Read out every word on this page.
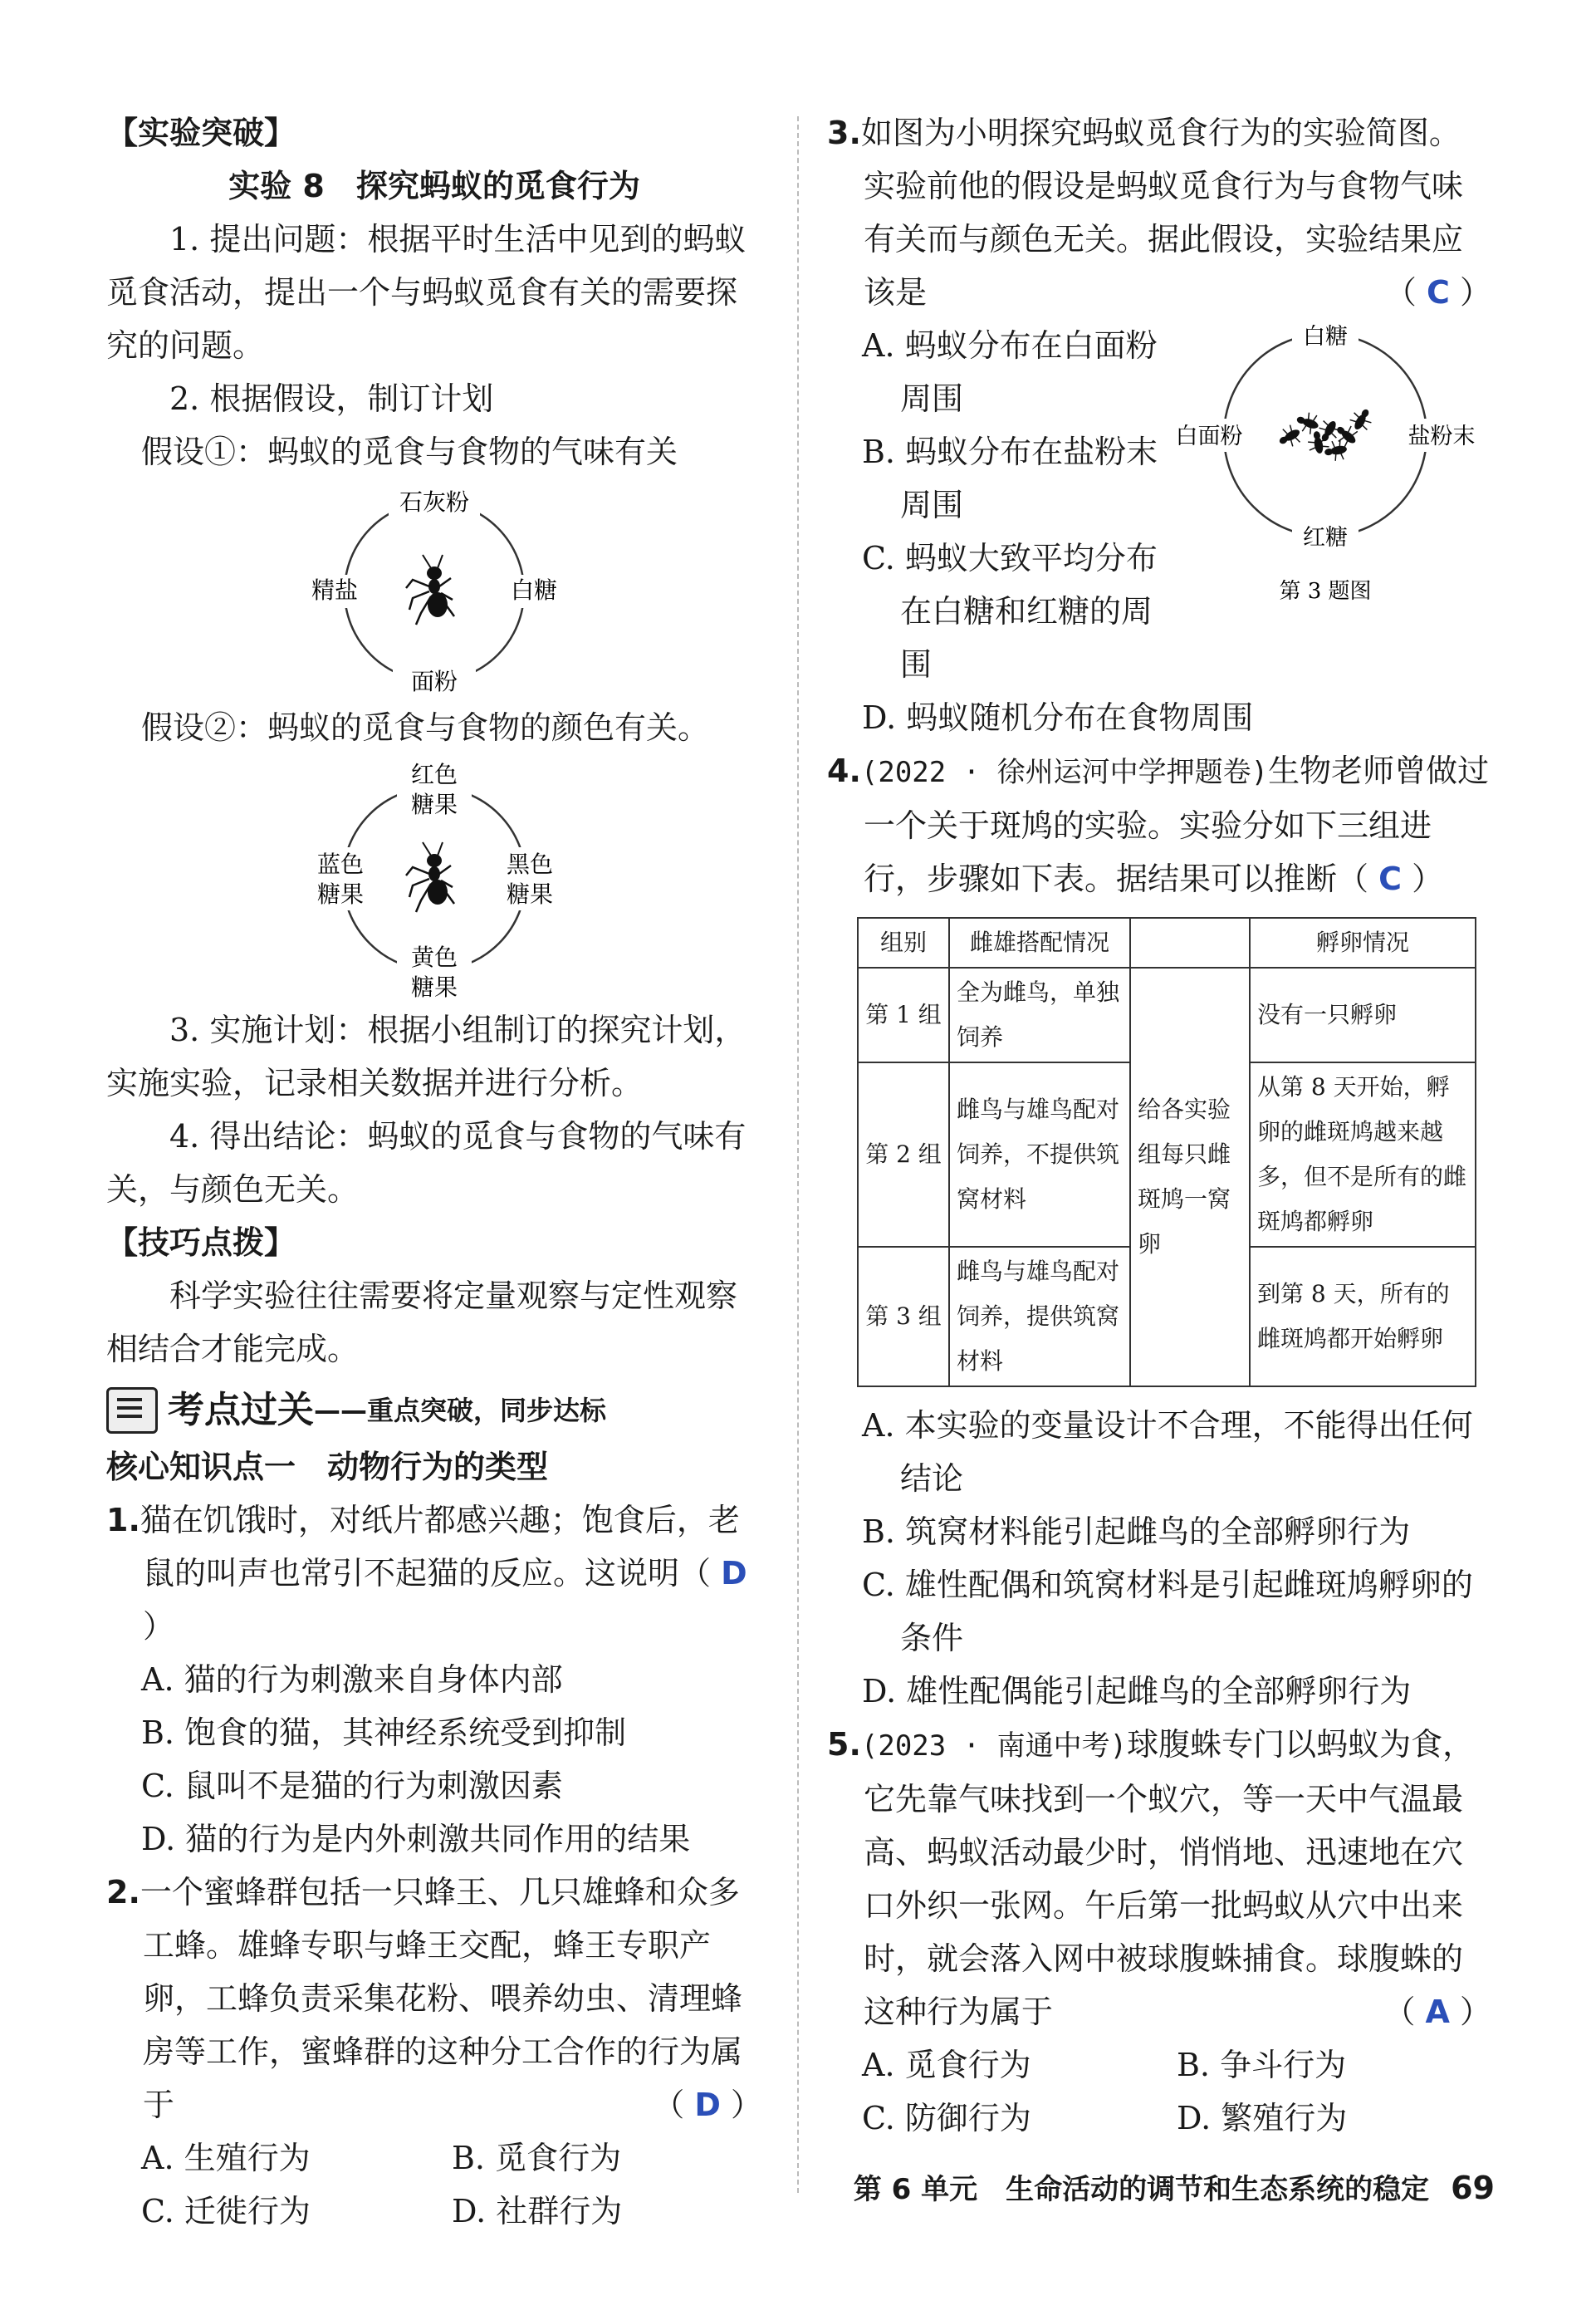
【实验突破】

实验 8　探究蚂蚁的觅食行为

1. 提出问题：根据平时生活中见到的蚂蚁觅食活动，提出一个与蚂蚁觅食有关的需要探究的问题。

2. 根据假设，制订计划

假设①：蚂蚁的觅食与食物的气味有关

石灰粉
精盐	白糖
面粉

假设②：蚂蚁的觅食与食物的颜色有关。

红色
糖果
蓝色
糖果
黑色
糖果
黄色
糖果

3. 实施计划：根据小组制订的探究计划，实施实验，记录相关数据并进行分析。

4. 得出结论：蚂蚁的觅食与食物的气味有关，与颜色无关。

【技巧点拨】

科学实验往往需要将定量观察与定性观察相结合才能完成。

考点过关 ——重点突破，同步达标

核心知识点一　动物行为的类型

1.猫在饥饿时，对纸片都感兴趣；饱食后，老鼠的叫声也常引不起猫的反应。这说明（ D ）

A. 猫的行为刺激来自身体内部

B. 饱食的猫，其神经系统受到抑制

C. 鼠叫不是猫的行为刺激因素

D. 猫的行为是内外刺激共同作用的结果

2.一个蜜蜂群包括一只蜂王、几只雄蜂和众多工蜂。雄蜂专职与蜂王交配，蜂王专职产卵，工蜂负责采集花粉、喂养幼虫、清理蜂房等工作，蜜蜂群的这种分工合作的行为属于	（ D ）

A. 生殖行为	B. 觅食行为
C. 迁徙行为	D. 社群行为

3.如图为小明探究蚂蚁觅食行为的实验简图。实验前他的假设是蚂蚁觅食行为与食物气味有关而与颜色无关。据此假设，实验结果应该是	（ C ）

A. 蚂蚁分布在白面粉周围

B. 蚂蚁分布在盐粉末周围

C. 蚂蚁大致平均分布在白糖和红糖的周围

D. 蚂蚁随机分布在食物周围

白糖
白面粉	盐粉末
红糖
第 3 题图

4.(2022 · 徐州运河中学押题卷)生物老师曾做过一个关于斑鸠的实验。实验分如下三组进行，步骤如下表。据结果可以推断（ C ）

组别	雌雄搭配情况		孵卵情况
第 1 组	全为雌鸟，单独饲养	给各实验组每只雌斑鸠一窝卵	没有一只孵卵
第 2 组	雌鸟与雄鸟配对饲养，不提供筑窝材料		从第 8 天开始，孵卵的雌斑鸠越来越多，但不是所有的雌斑鸠都孵卵
第 3 组	雌鸟与雄鸟配对饲养，提供筑窝材料		到第 8 天，所有的雌斑鸠都开始孵卵

A. 本实验的变量设计不合理，不能得出任何结论

B. 筑窝材料能引起雌鸟的全部孵卵行为

C. 雄性配偶和筑窝材料是引起雌斑鸠孵卵的条件

D. 雄性配偶能引起雌鸟的全部孵卵行为

5.(2023 · 南通中考)球腹蛛专门以蚂蚁为食，它先靠气味找到一个蚁穴，等一天中气温最高、蚂蚁活动最少时，悄悄地、迅速地在穴口外织一张网。午后第一批蚂蚁从穴中出来时，就会落入网中被球腹蛛捕食。球腹蛛的这种行为属于	（ A ）

A. 觅食行为	B. 争斗行为
C. 防御行为	D. 繁殖行为
第 6 单元　生命活动的调节和生态系统的稳定 69
